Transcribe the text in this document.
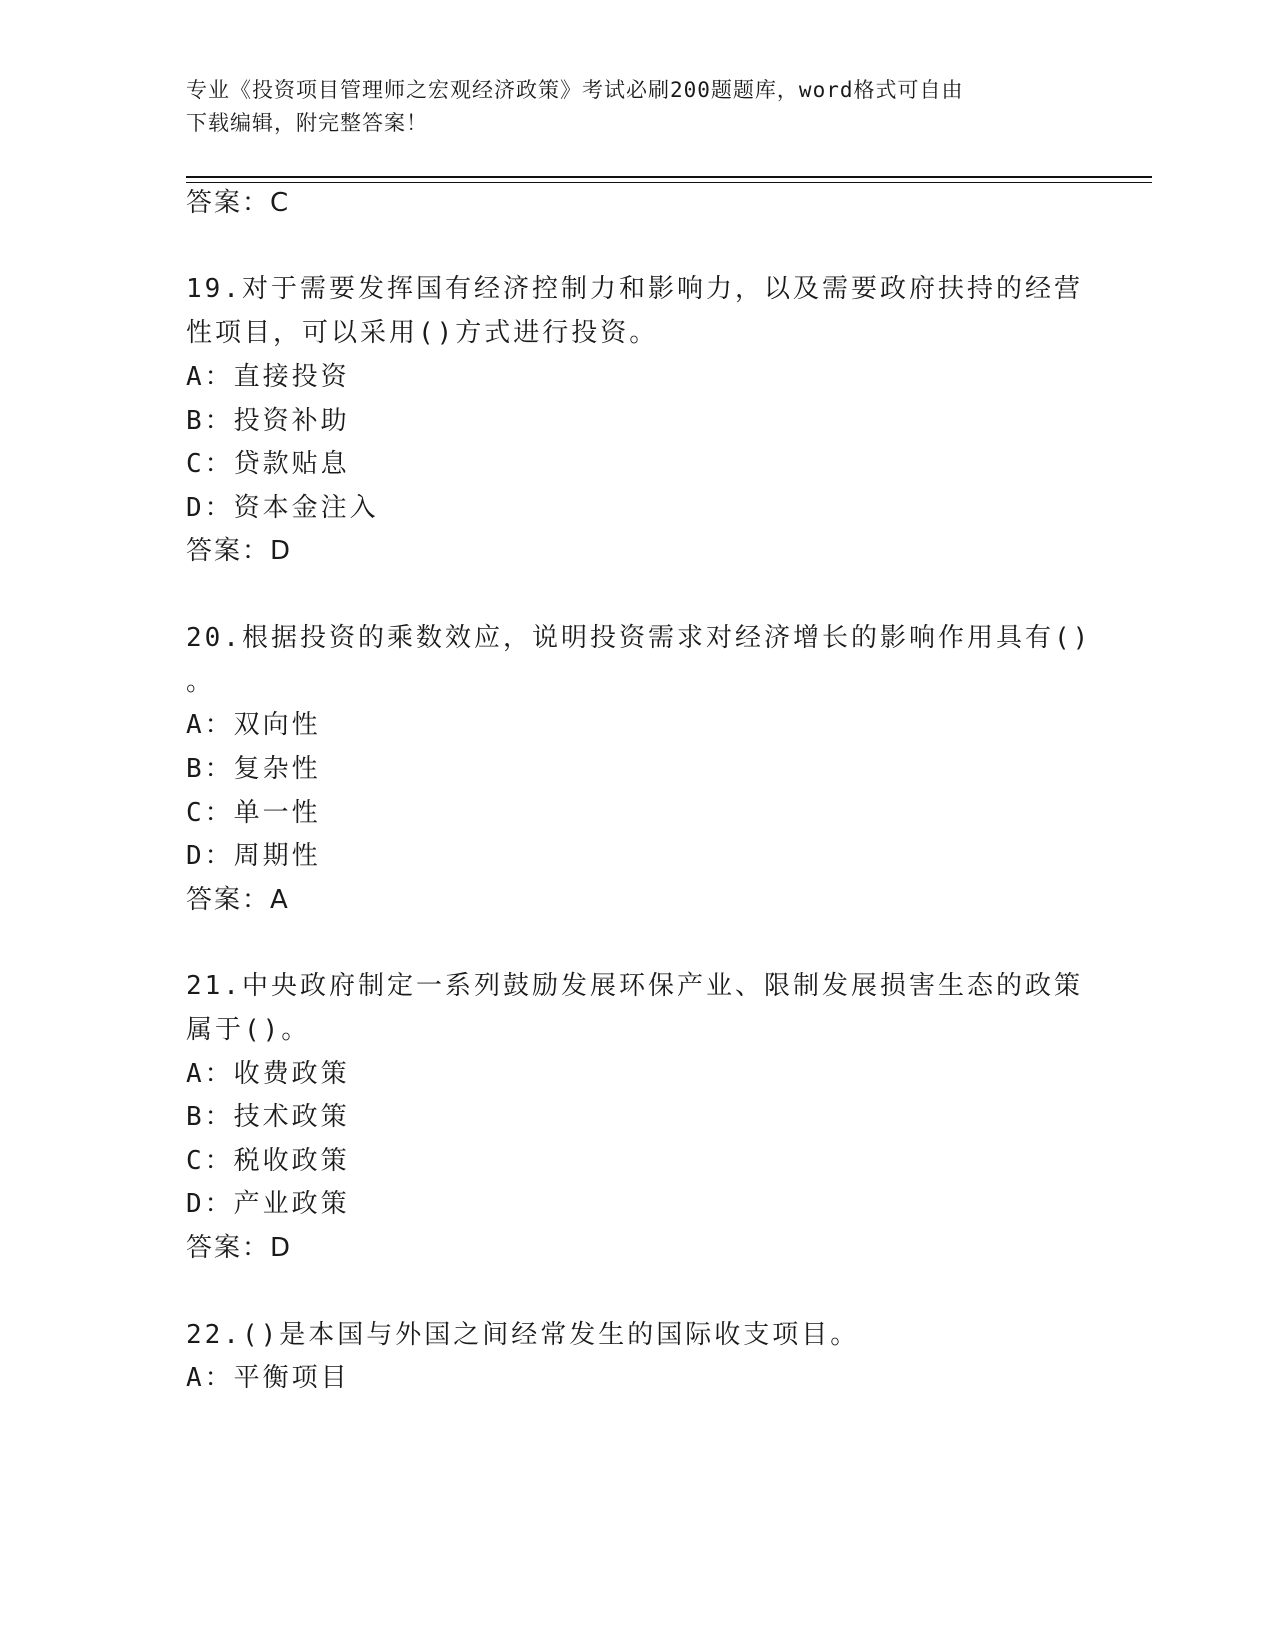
专业《投资项目管理师之宏观经济政策》考试必刷200题题库，word格式可自由
下载编辑，附完整答案！
答案：C
19.对于需要发挥国有经济控制力和影响力，以及需要政府扶持的经营
性项目，可以采用()方式进行投资。
A：直接投资
B：投资补助
C：贷款贴息
D：资本金注入
答案：D
20.根据投资的乘数效应，说明投资需求对经济增长的影响作用具有()
。
A：双向性
B：复杂性
C：单一性
D：周期性
答案：A
21.中央政府制定一系列鼓励发展环保产业、限制发展损害生态的政策
属于()。
A：收费政策
B：技术政策
C：税收政策
D：产业政策
答案：D
22.()是本国与外国之间经常发生的国际收支项目。
A：平衡项目
